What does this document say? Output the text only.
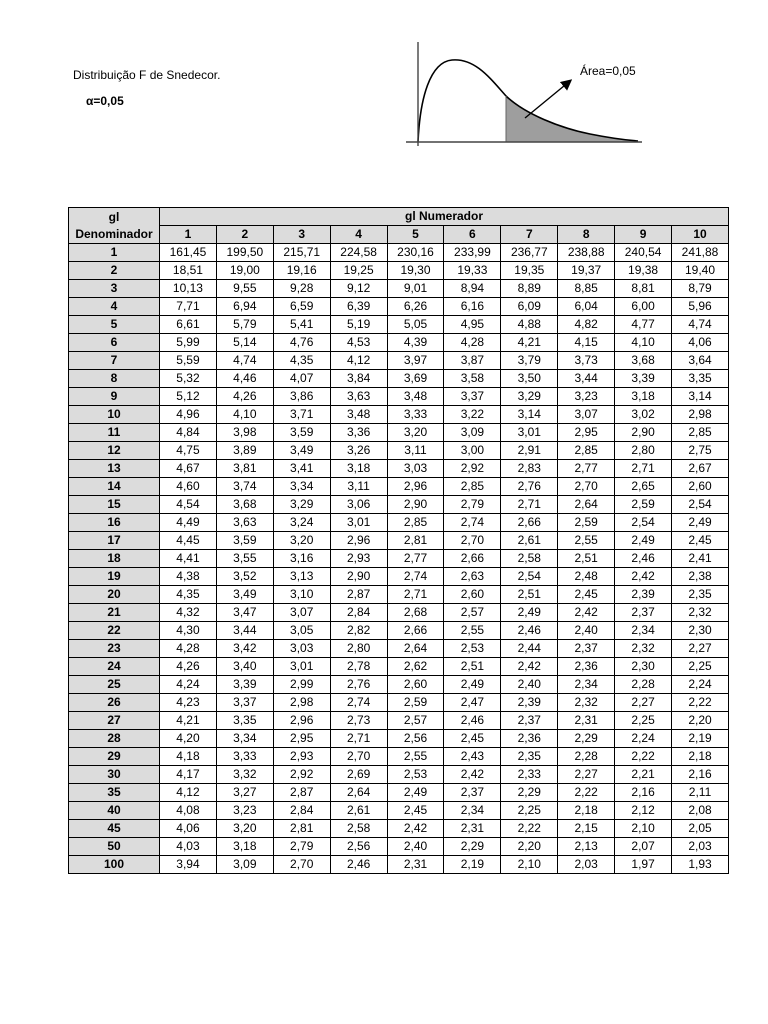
Distribuição F de Snedecor.
α=0,05
Área=0,05
gl
Denominador	gl Numerador									
	1	2	3	4	5	6	7	8	9	10
1	161,45	199,50	215,71	224,58	230,16	233,99	236,77	238,88	240,54	241,88
2	18,51	19,00	19,16	19,25	19,30	19,33	19,35	19,37	19,38	19,40
3	10,13	9,55	9,28	9,12	9,01	8,94	8,89	8,85	8,81	8,79
4	7,71	6,94	6,59	6,39	6,26	6,16	6,09	6,04	6,00	5,96
5	6,61	5,79	5,41	5,19	5,05	4,95	4,88	4,82	4,77	4,74
6	5,99	5,14	4,76	4,53	4,39	4,28	4,21	4,15	4,10	4,06
7	5,59	4,74	4,35	4,12	3,97	3,87	3,79	3,73	3,68	3,64
8	5,32	4,46	4,07	3,84	3,69	3,58	3,50	3,44	3,39	3,35
9	5,12	4,26	3,86	3,63	3,48	3,37	3,29	3,23	3,18	3,14
10	4,96	4,10	3,71	3,48	3,33	3,22	3,14	3,07	3,02	2,98
11	4,84	3,98	3,59	3,36	3,20	3,09	3,01	2,95	2,90	2,85
12	4,75	3,89	3,49	3,26	3,11	3,00	2,91	2,85	2,80	2,75
13	4,67	3,81	3,41	3,18	3,03	2,92	2,83	2,77	2,71	2,67
14	4,60	3,74	3,34	3,11	2,96	2,85	2,76	2,70	2,65	2,60
15	4,54	3,68	3,29	3,06	2,90	2,79	2,71	2,64	2,59	2,54
16	4,49	3,63	3,24	3,01	2,85	2,74	2,66	2,59	2,54	2,49
17	4,45	3,59	3,20	2,96	2,81	2,70	2,61	2,55	2,49	2,45
18	4,41	3,55	3,16	2,93	2,77	2,66	2,58	2,51	2,46	2,41
19	4,38	3,52	3,13	2,90	2,74	2,63	2,54	2,48	2,42	2,38
20	4,35	3,49	3,10	2,87	2,71	2,60	2,51	2,45	2,39	2,35
21	4,32	3,47	3,07	2,84	2,68	2,57	2,49	2,42	2,37	2,32
22	4,30	3,44	3,05	2,82	2,66	2,55	2,46	2,40	2,34	2,30
23	4,28	3,42	3,03	2,80	2,64	2,53	2,44	2,37	2,32	2,27
24	4,26	3,40	3,01	2,78	2,62	2,51	2,42	2,36	2,30	2,25
25	4,24	3,39	2,99	2,76	2,60	2,49	2,40	2,34	2,28	2,24
26	4,23	3,37	2,98	2,74	2,59	2,47	2,39	2,32	2,27	2,22
27	4,21	3,35	2,96	2,73	2,57	2,46	2,37	2,31	2,25	2,20
28	4,20	3,34	2,95	2,71	2,56	2,45	2,36	2,29	2,24	2,19
29	4,18	3,33	2,93	2,70	2,55	2,43	2,35	2,28	2,22	2,18
30	4,17	3,32	2,92	2,69	2,53	2,42	2,33	2,27	2,21	2,16
35	4,12	3,27	2,87	2,64	2,49	2,37	2,29	2,22	2,16	2,11
40	4,08	3,23	2,84	2,61	2,45	2,34	2,25	2,18	2,12	2,08
45	4,06	3,20	2,81	2,58	2,42	2,31	2,22	2,15	2,10	2,05
50	4,03	3,18	2,79	2,56	2,40	2,29	2,20	2,13	2,07	2,03
100	3,94	3,09	2,70	2,46	2,31	2,19	2,10	2,03	1,97	1,93
